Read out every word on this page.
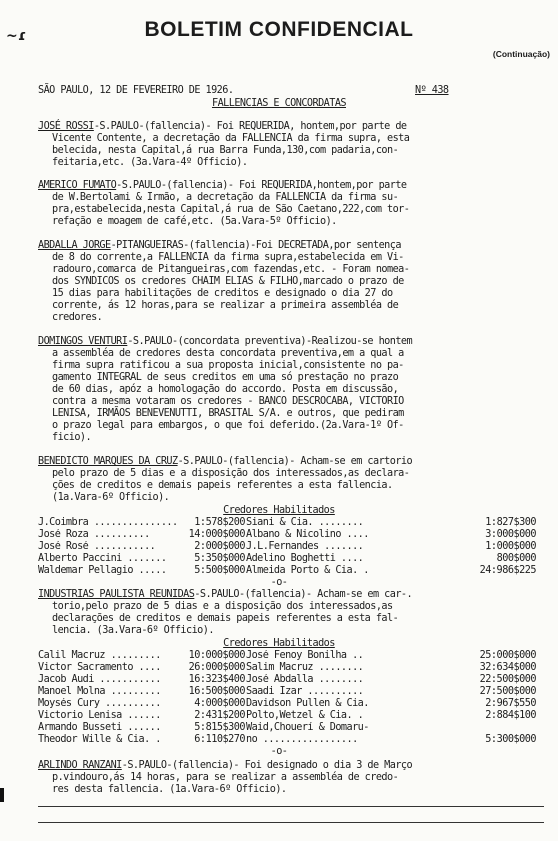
~ɾ	BOLETIM CONFIDENCIAL
(Continuação)
SÃO PAULO, 12 DE FEVEREIRO DE 1926.	Nº 438
FALLENCIAS E CONCORDATAS
JOSÉ ROSSI-S.PAULO-(fallencia)- Foi REQUERIDA, hontem,por parte de
Vicente Contente, a decretação da FALLENCIA da firma supra, esta
belecida, nesta Capital,á rua Barra Funda,130,com padaria,con-
feitaria,etc. (3a.Vara-4º Officio).
AMERICO FUMATO-S.PAULO-(fallencia)- Foi REQUERIDA,hontem,por parte
de W.Bertolami & Irmão, a decretação da FALLENCIA da firma su-
pra,estabelecida,nesta Capital,á rua de São Caetano,222,com tor-
refação e moagem de café,etc. (5a.Vara-5º Officio).
ABDALLA JORGE-PITANGUEIRAS-(fallencia)-Foi DECRETADA,por sentença
de 8 do corrente,a FALLENCIA da firma supra,estabelecida em Vi-
radouro,comarca de Pitangueiras,com fazendas,etc. - Foram nomea-
dos SYNDICOS os credores CHAIM ELIAS & FILHO,marcado o prazo de
15 dias para habilitações de creditos e designado o dia 27 do
corrente, ás 12 horas,para se realizar a primeira assembléa de
credores.
DOMINGOS VENTURI-S.PAULO-(concordata preventiva)-Realizou-se hontem
a assembléa de credores desta concordata preventiva,em a qual a
firma supra ratificou a sua proposta inicial,consistente no pa-
gamento INTEGRAL de seus creditos em uma só prestação no prazo
de 60 dias, apóz a homologação do accordo. Posta em discussão,
contra a mesma votaram os credores - BANCO DESCROCABA, VICTORIO
LENISA, IRMÃOS BENEVENUTTI, BRASITAL S/A. e outros, que pediram
o prazo legal para embargos, o que foi deferido.(2a.Vara-1º Of-
ficio).
BENEDICTO MARQUES DA CRUZ-S.PAULO-(fallencia)- Acham-se em cartorio
pelo prazo de 5 dias e a disposição dos interessados,as declara-
ções de creditos e demais papeis referentes a esta fallencia.
(1a.Vara-6º Officio).
Credores Habilitados
J.Coimbra ...............	1:578$200 Siani & Cia. ........	1:827$300
José Roza ..........	14:000$000 Albano & Nicolino ....	3:000$000
José Rosé ...........	2:000$000 J.L.Fernandes .......	1:000$000
Alberto Paccini .......	5:350$000 Adelino Boghetti ....	800$000
Waldemar Pellagio .....	5:500$000 Almeida Porto & Cia. .	24:986$225
-o-
INDUSTRIAS PAULISTA REUNIDAS-S.PAULO-(fallencia)- Acham-se em car-.
torio,pelo prazo de 5 dias e a disposição dos interessados,as
declarações de creditos e demais papeis referentes a esta fal-
lencia. (3a.Vara-6º Officio).
Credores Habilitados
Calil Macruz .........	10:000$000 José Fenoy Bonilha ..	25:000$000
Victor Sacramento ....	26:000$000 Salim Macruz ........	32:634$000
Jacob Audi ...........	16:323$400 José Abdalla ........	22:500$000
Manoel Molna .........	16:500$000 Saadi Izar ..........	27:500$000
Moysés Cury ..........	4:000$000 Davidson Pullen & Cia.	2:967$550
Victorio Lenisa ......	2:431$200 Polto,Wetzel & Cia. .	2:884$100
Armando Busseti ......	5:815$300 Waid,Chouerí & Domaru-
Theodor Wille & Cia. .	6:110$270 no .................	5:300$000
-o-
ARLINDO RANZANI-S.PAULO-(fallencia)- Foi designado o dia 3 de Março
p.vindouro,ás 14 horas, para se realizar a assembléa de credo-
res desta fallencia. (1a.Vara-6º Officio).
